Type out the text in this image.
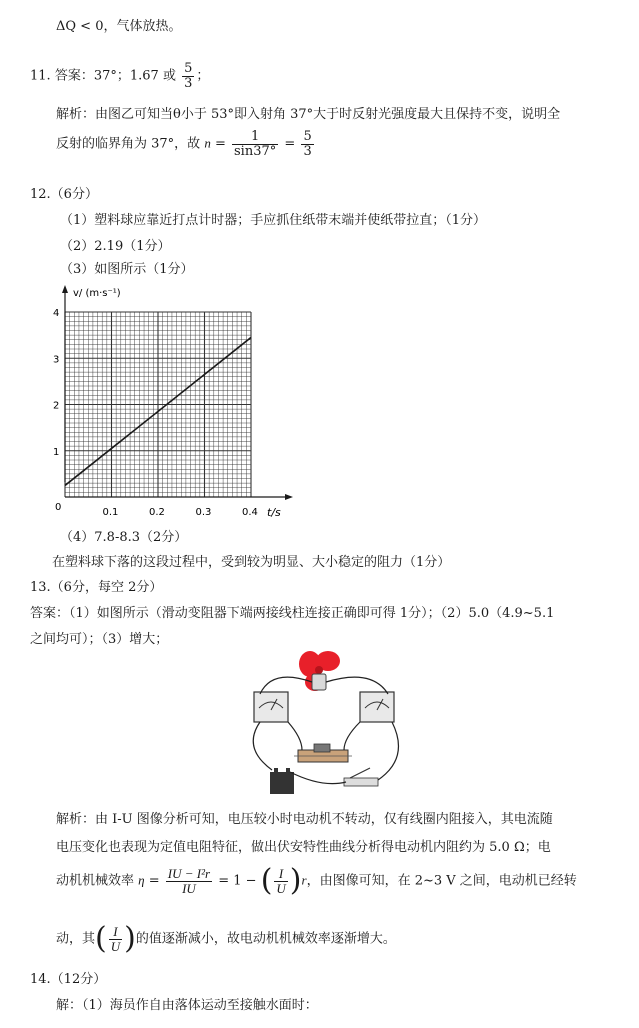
ΔQ < 0，气体放热。
11. 答案：37°；1.67 或 $\frac{5}{3}$ ；
解析：由图乙可知当θ小于 53°即入射角 37°大于时反射光强度最大且保持不变，说明全
反射的临界角为 37°，故 $n = \frac{1}{\sin 37^\circ} = \frac{5}{3}$
12.（6分）
（1）塑料球应靠近打点计时器；手应抓住纸带末端并使纸带拉直；（1分）
（2）2.19（1分）
（3）如图所示（1分）
v/ (m·s⁻¹)
t/s
0	0.1	0.2	0.3	0.4
1
2
3
4
（4）7.8-8.3（2分）
在塑料球下落的这段过程中，受到较为明显、大小稳定的阻力（1分）
13.（6分，每空 2分）
答案：（1）如图所示（滑动变阻器下端两接线柱连接正确即可得 1分）；（2）5.0（4.9~5.1
之间均可）；（3）增大；
解析：由 I-U 图像分析可知，电压较小时电动机不转动，仅有线圈内阻接入，其电流随
电压变化也表现为定值电阻特征，做出伏安特性曲线分析得电动机内阻约为 5.0 Ω；电
动机机械效率 $\eta = \frac{\text{IU − I²r}}{IU} = 1$ − ( $\frac{I}{U} )r$，由图像可知，在 2~3 V 之间，电动机已经转
动，其( $\frac{I}{U}$ )的值逐渐减小，故电动机机械效率逐渐增大。
14.（12分）
解：（1）海员作自由落体运动至接触水面时：
